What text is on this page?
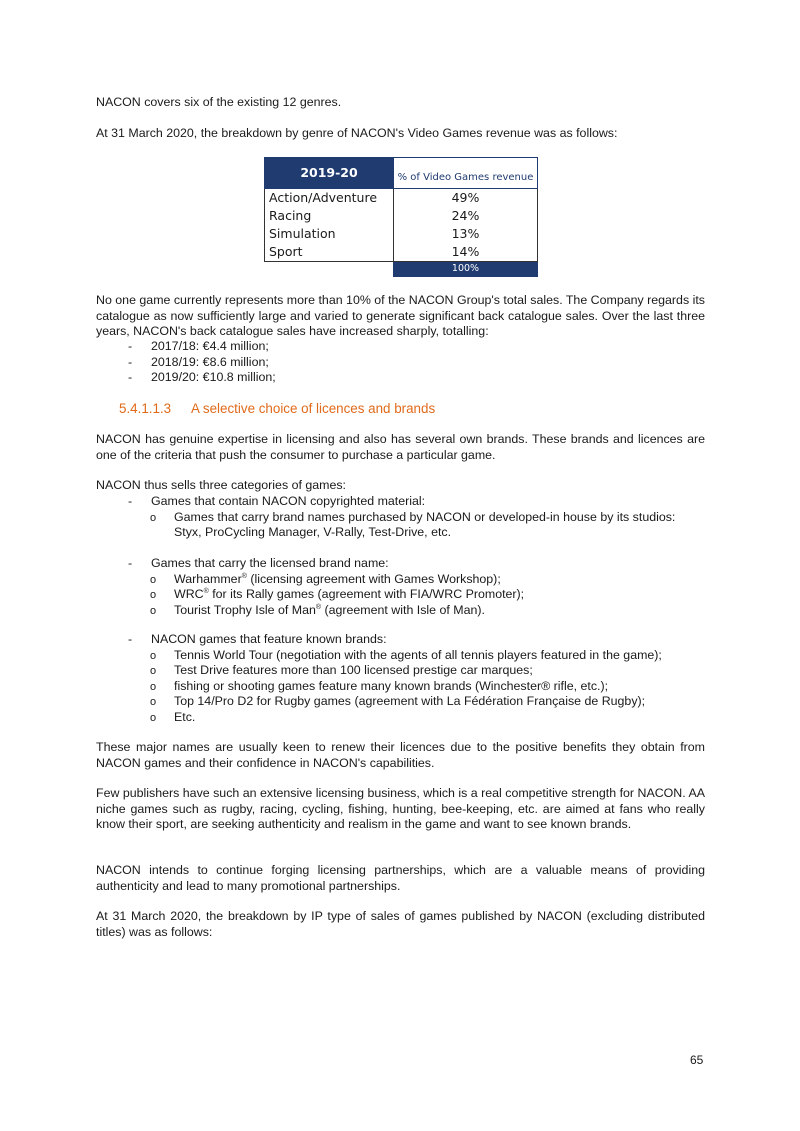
NACON covers six of the existing 12 genres.

At 31 March 2020, the breakdown by genre of NACON's Video Games revenue was as follows:

2019-20	% of Video Games revenue
Action/Adventure	49%
Racing	24%
Simulation	13%
Sport	14%
	100%

No one game currently represents more than 10% of the NACON Group's total sales. The Company regards its catalogue as now sufficiently large and varied to generate significant back catalogue sales. Over the last three years, NACON's back catalogue sales have increased sharply, totalling:

-	2017/18: €4.4 million;
-	2018/19: €8.6 million;
-	2019/20: €10.8 million;
5.4.1.1.3 A selective choice of licences and brands

NACON has genuine expertise in licensing and also has several own brands. These brands and licences are one of the criteria that push the consumer to purchase a particular game.

NACON thus sells three categories of games:

- Games that contain NACON copyrighted material:
o Games that carry brand names purchased by NACON or developed-in house by its studios: Styx, ProCycling Manager, V-Rally, Test-Drive, etc.
- Games that carry the licensed brand name:
o Warhammer® (licensing agreement with Games Workshop);
o WRC® for its Rally games (agreement with FIA/WRC Promoter);
o Tourist Trophy Isle of Man® (agreement with Isle of Man).
- NACON games that feature known brands:
o Tennis World Tour (negotiation with the agents of all tennis players featured in the game);
o Test Drive features more than 100 licensed prestige car marques;
o fishing or shooting games feature many known brands (Winchester® rifle, etc.);
o Top 14/Pro D2 for Rugby games (agreement with La Fédération Française de Rugby);
o Etc.

These major names are usually keen to renew their licences due to the positive benefits they obtain from NACON games and their confidence in NACON's capabilities.

Few publishers have such an extensive licensing business, which is a real competitive strength for NACON. AA niche games such as rugby, racing, cycling, fishing, hunting, bee-keeping, etc. are aimed at fans who really know their sport, are seeking authenticity and realism in the game and want to see known brands.

NACON intends to continue forging licensing partnerships, which are a valuable means of providing authenticity and lead to many promotional partnerships.

At 31 March 2020, the breakdown by IP type of sales of games published by NACON (excluding distributed titles) was as follows:

65
